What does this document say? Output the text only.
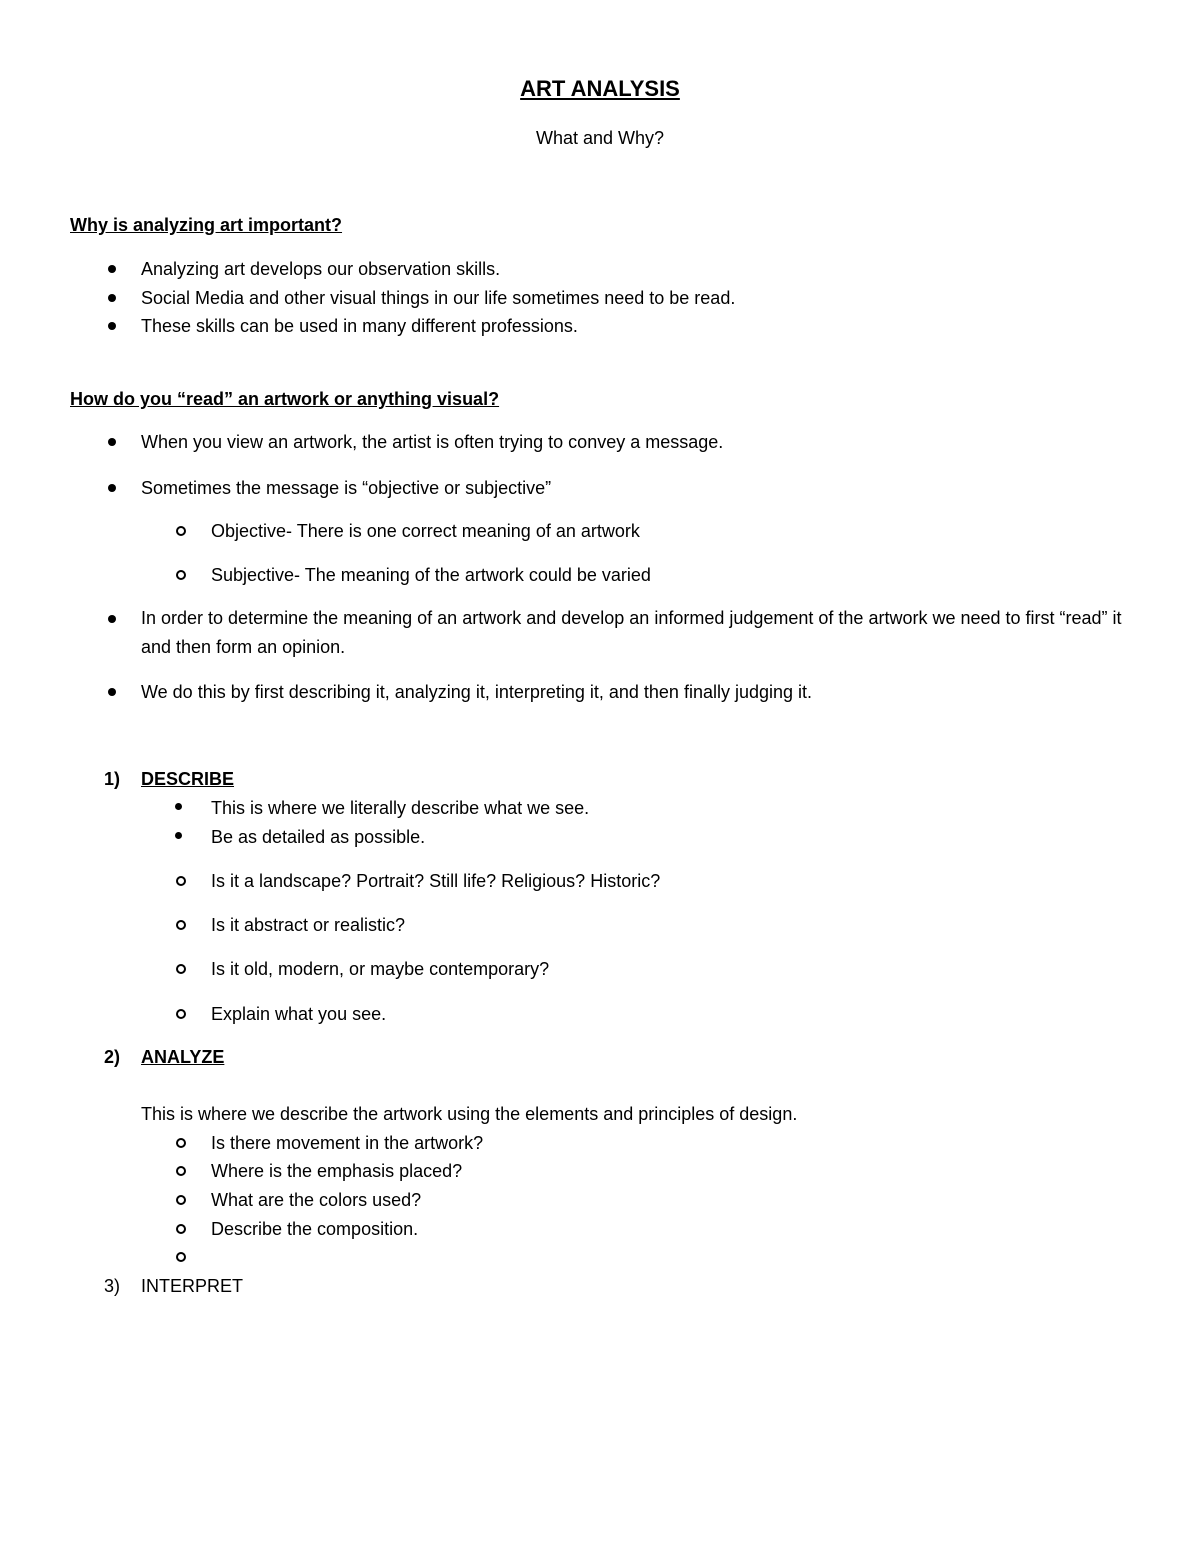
ART ANALYSIS
What and Why?
Why is analyzing art important?
Analyzing art develops our observation skills.
Social Media and other visual things in our life sometimes need to be read.
These skills can be used in many different professions.
How do you “read” an artwork or anything visual?
When you view an artwork, the artist is often trying to convey a message.
Sometimes the message is “objective or subjective”
Objective- There is one correct meaning of an artwork
Subjective- The meaning of the artwork could be varied
In order to determine the meaning of an artwork and develop an informed judgement of the artwork we need to first “read” it and then form an opinion.
We do this by first describing it, analyzing it, interpreting it, and then finally judging it.
1) DESCRIBE
This is where we literally describe what we see.
Be as detailed as possible.
Is it a landscape? Portrait? Still life? Religious? Historic?
Is it abstract or realistic?
Is it old, modern, or maybe contemporary?
Explain what you see.
2) ANALYZE
This is where we describe the artwork using the elements and principles of design.
Is there movement in the artwork?
Where is the emphasis placed?
What are the colors used?
Describe the composition.
3) INTERPRET
